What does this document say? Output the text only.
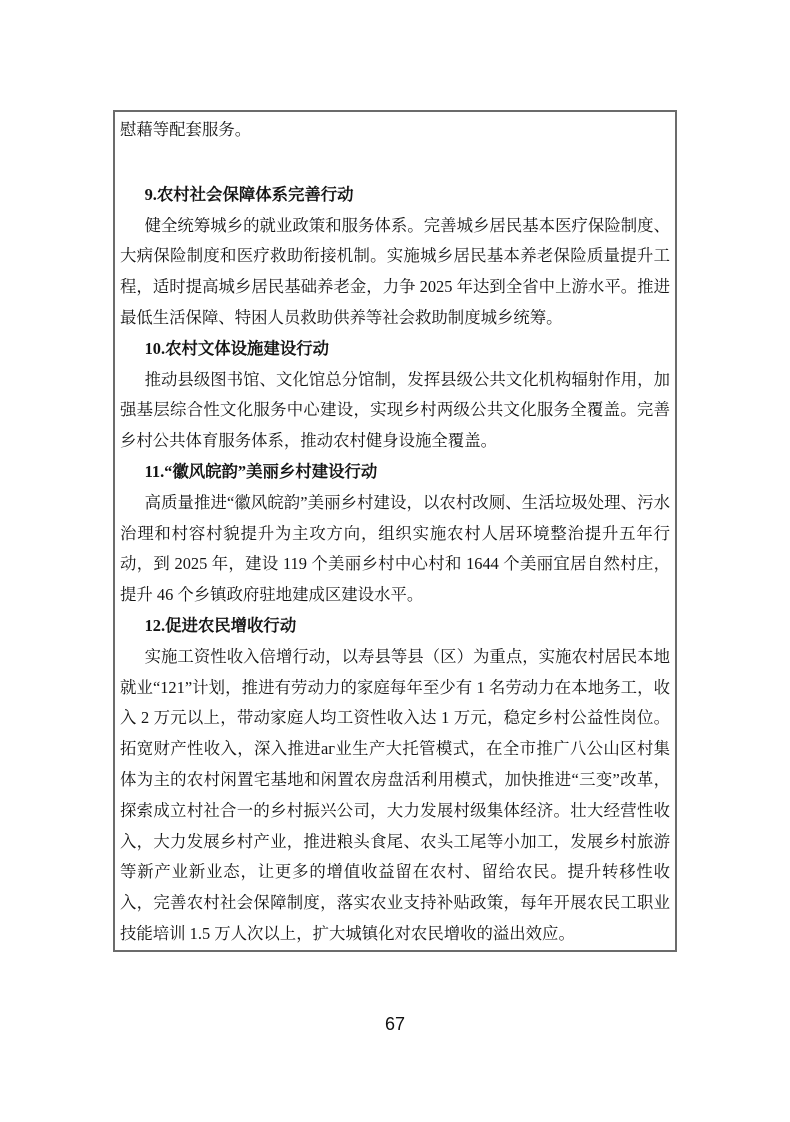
慰藉等配套服务。
9.农村社会保障体系完善行动
健全统筹城乡的就业政策和服务体系。完善城乡居民基本医疗保险制度、大病保险制度和医疗救助衔接机制。实施城乡居民基本养老保险质量提升工程，适时提高城乡居民基础养老金，力争 2025 年达到全省中上游水平。推进最低生活保障、特困人员救助供养等社会救助制度城乡统筹。
10.农村文体设施建设行动
推动县级图书馆、文化馆总分馆制，发挥县级公共文化机构辐射作用，加强基层综合性文化服务中心建设，实现乡村两级公共文化服务全覆盖。完善乡村公共体育服务体系，推动农村健身设施全覆盖。
11.“徽风皖韵”美丽乡村建设行动
高质量推进“徽风皖韵”美丽乡村建设，以农村改厕、生活垃圾处理、污水治理和村容村貌提升为主攻方向，组织实施农村人居环境整治提升五年行动，到 2025 年，建设 119 个美丽乡村中心村和 1644 个美丽宜居自然村庄，提升 46 个乡镇政府驻地建成区建设水平。
12.促进农民增收行动
实施工资性收入倍增行动，以寿县等县（区）为重点，实施农村居民本地就业“121”计划，推进有劳动力的家庭每年至少有 1 名劳动力在本地务工，收入 2 万元以上，带动家庭人均工资性收入达 1 万元，稳定乡村公益性岗位。拓宽财产性收入，深入推进аг业生产大托管模式，在全市推广八公山区村集体为主的农村闲置宅基地和闲置农房盘活利用模式，加快推进“三变”改革，探索成立村社合一的乡村振兴公司，大力发展村级集体经济。壮大经营性收入，大力发展乡村产业，推进粮头食尾、农头工尾等小加工，发展乡村旅游等新产业新业态，让更多的增值收益留在农村、留给农民。提升转移性收入，完善农村社会保障制度，落实农业支持补贴政策，每年开展农民工职业技能培训 1.5 万人次以上，扩大城镇化对农民增收的溢出效应。
67
